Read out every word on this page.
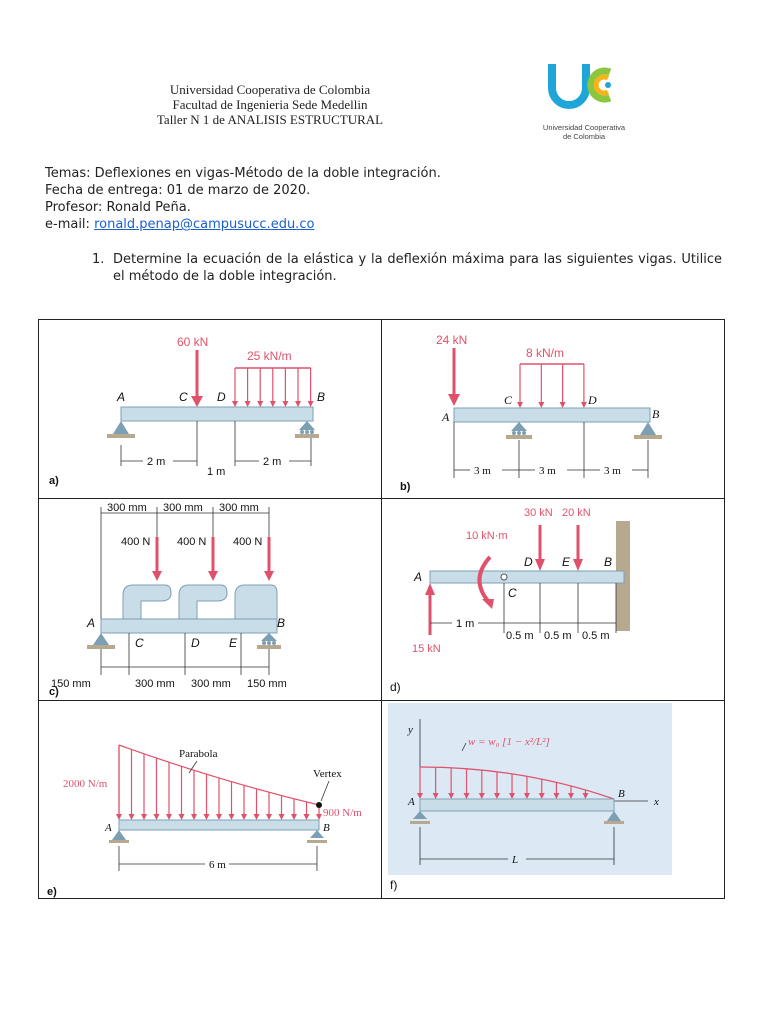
Universidad Cooperativa de Colombia
Facultad de Ingenieria Sede Medellin
Taller N 1 de ANALISIS ESTRUCTURAL
Universidad Cooperativa
de Colombia
Temas: Deflexiones en vigas-Método de la doble integración.
Fecha de entrega: 01 de marzo de 2020.
Profesor: Ronald Peña.
e-mail: ronald.penap@campusucc.edu.co
1. Determine la ecuación de la elástica y la deflexión máxima para las siguientes vigas. Utilice el método de la doble integración.
60 kN
25 kN/m
A	C D	B
2 m
1 m
2 m
a)
24 kN
8 kN/m
A
C	D
B
3 m	3 m	3 m
b)
300 mm 300 mm 300 mm
400 N 400 N 400 N
A
C	D E
B
150 mm	300 mm 300 mm 150 mm
c)
10 kN·m
30 kN 20 kN
15 kN
A
C
D E	B
1 m
0.5 m 0.5 m 0.5 m
d)
Parabola
Vertex
2000 N/m
900 N/m
A	B
6 m
e)
y
x
w = w₀ [1 − x²/L²]
A
B
L
f)
